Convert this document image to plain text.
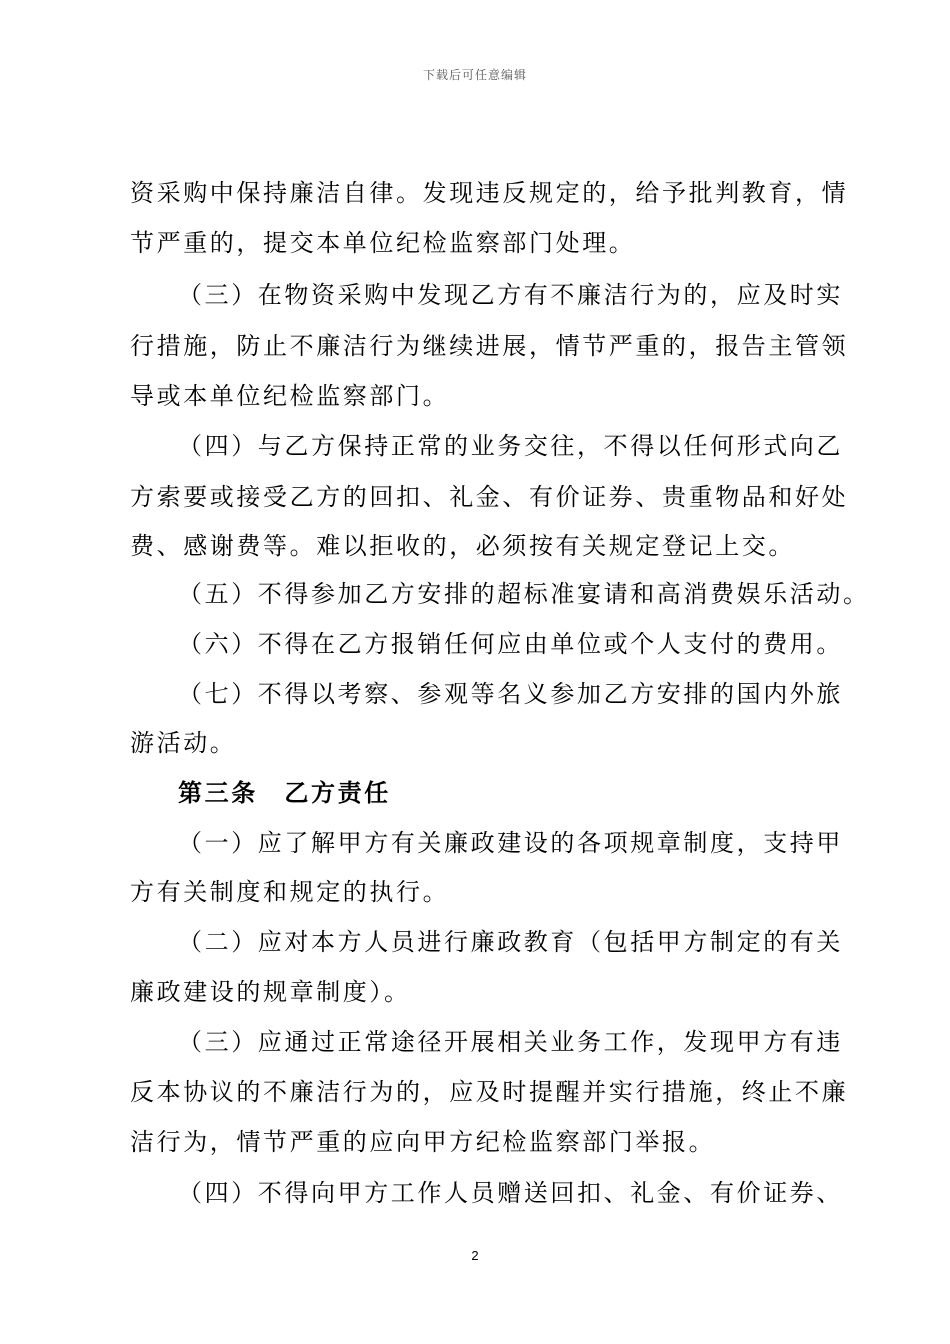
下载后可任意编辑
资采购中保持廉洁自律。发现违反规定的，给予批判教育，情
节严重的，提交本单位纪检监察部门处理。
（三）在物资采购中发现乙方有不廉洁行为的，应及时实
行措施，防止不廉洁行为继续进展，情节严重的，报告主管领
导或本单位纪检监察部门。
（四）与乙方保持正常的业务交往，不得以任何形式向乙
方索要或接受乙方的回扣、礼金、有价证券、贵重物品和好处
费、感谢费等。难以拒收的，必须按有关规定登记上交。
（五）不得参加乙方安排的超标准宴请和高消费娱乐活动。
（六）不得在乙方报销任何应由单位或个人支付的费用。
（七）不得以考察、参观等名义参加乙方安排的国内外旅
游活动。
第三条　乙方责任
（一）应了解甲方有关廉政建设的各项规章制度，支持甲
方有关制度和规定的执行。
（二）应对本方人员进行廉政教育（包括甲方制定的有关
廉政建设的规章制度）。
（三）应通过正常途径开展相关业务工作，发现甲方有违
反本协议的不廉洁行为的，应及时提醒并实行措施，终止不廉
洁行为，情节严重的应向甲方纪检监察部门举报。
（四）不得向甲方工作人员赠送回扣、礼金、有价证券、
2
